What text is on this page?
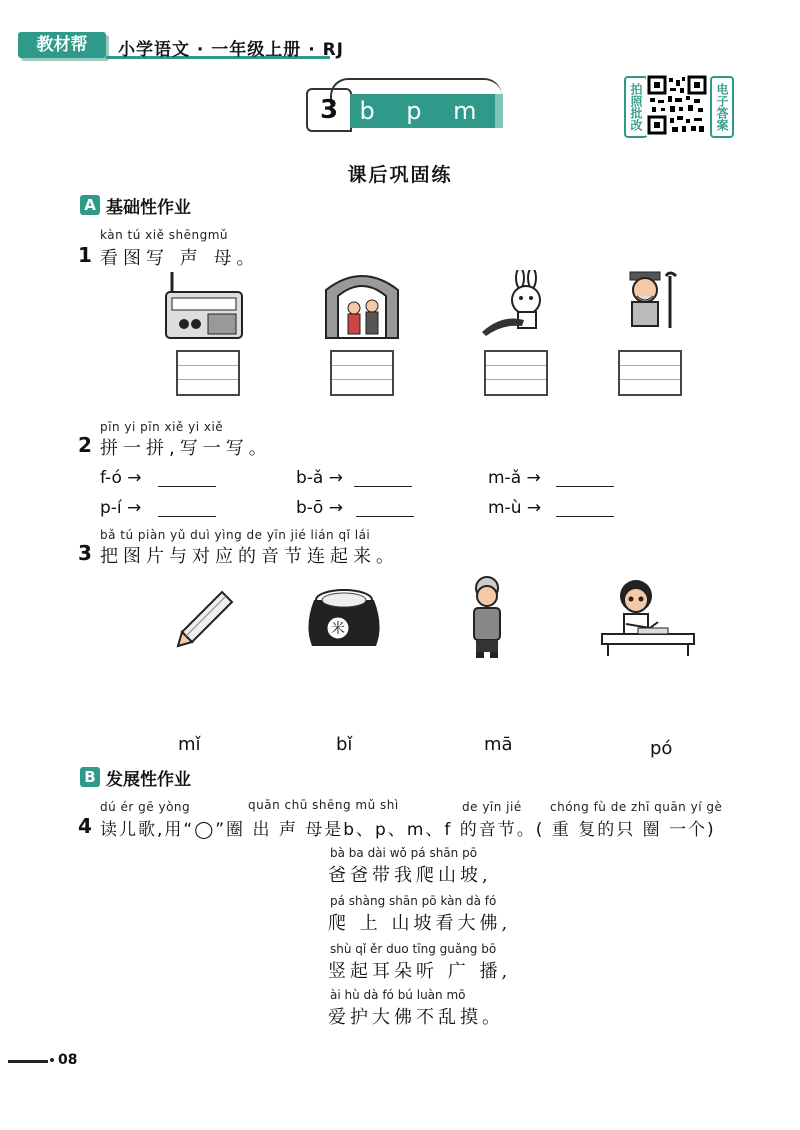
教材帮	小学语文 · 一年级上册 · RJ
3 b p m f
拍照批改	电子答案
课后巩固练
A 基础性作业
kàn tú xiě shēngmǔ
1 看图写 声 母。
pīn yi pīn xiě yi xiě
2 拼一拼,写一写。
f-ó →	b-ǎ →	m-ǎ →
p-í →	b-ō →	m-ù →
bǎ tú piàn yǔ duì yìng de yīn jié lián qǐ lái
3 把图片与对应的音节连起来。
米
mǐ	bǐ	mā	pó
B 发展性作业
dú ér gē yòng	quān chū shēng mǔ shì	de yīn jié chóng fù de zhī quān yí gè
4 读儿歌,用“◯”圈 出 声 母是b、p、m、f 的音节。( 重 复的只 圈 一个)
bà ba dài wǒ pá shān pō
爸爸带我爬山坡,
pá shàng shān pō kàn dà fó
爬 上 山坡看大佛,
shù qǐ ěr duo tīng guǎng bō
竖起耳朵听 广 播,
ài hù dà fó bú luàn mō
爱护大佛不乱摸。
08
